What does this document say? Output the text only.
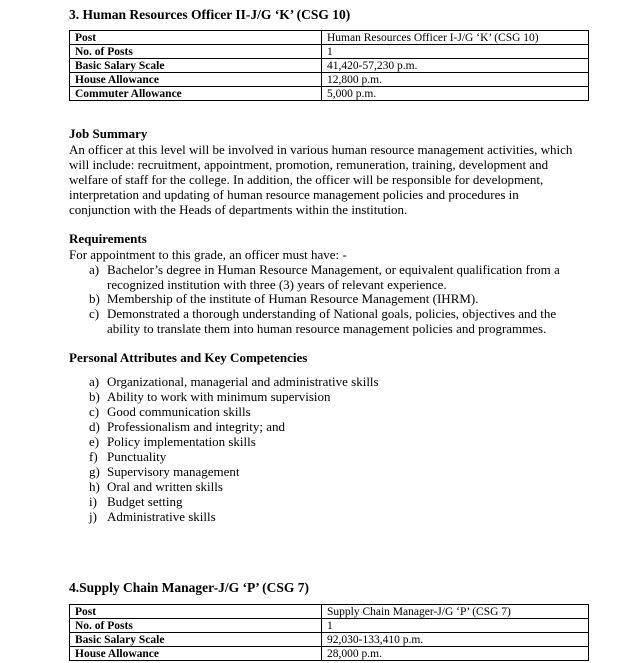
3. Human Resources Officer II-J/G ‘K’ (CSG 10)
Post	Human Resources Officer I-J/G ‘K’ (CSG 10)
No. of Posts	1
Basic Salary Scale	41,420-57,230 p.m.
House Allowance	12,800 p.m.
Commuter Allowance	5,000 p.m.
Job Summary
An officer at this level will be involved in various human resource management activities, which
will include: recruitment, appointment, promotion, remuneration, training, development and
welfare of staff for the college. In addition, the officer will be responsible for development,
interpretation and updating of human resource management policies and procedures in
conjunction with the Heads of departments within the institution.
Requirements
For appointment to this grade, an officer must have: -
a) Bachelor’s degree in Human Resource Management, or equivalent qualification from a
recognized institution with three (3) years of relevant experience.
b) Membership of the institute of Human Resource Management (IHRM).
c) Demonstrated a thorough understanding of National goals, policies, objectives and the
ability to translate them into human resource management policies and programmes.
Personal Attributes and Key Competencies
a) Organizational, managerial and administrative skills
b) Ability to work with minimum supervision
c) Good communication skills
d) Professionalism and integrity; and
e) Policy implementation skills
f) Punctuality
g) Supervisory management
h) Oral and written skills
i) Budget setting
j) Administrative skills
4.Supply Chain Manager-J/G ‘P’ (CSG 7)
Post	Supply Chain Manager-J/G ‘P’ (CSG 7)
No. of Posts	1
Basic Salary Scale	92,030-133,410 p.m.
House Allowance	28,000 p.m.
